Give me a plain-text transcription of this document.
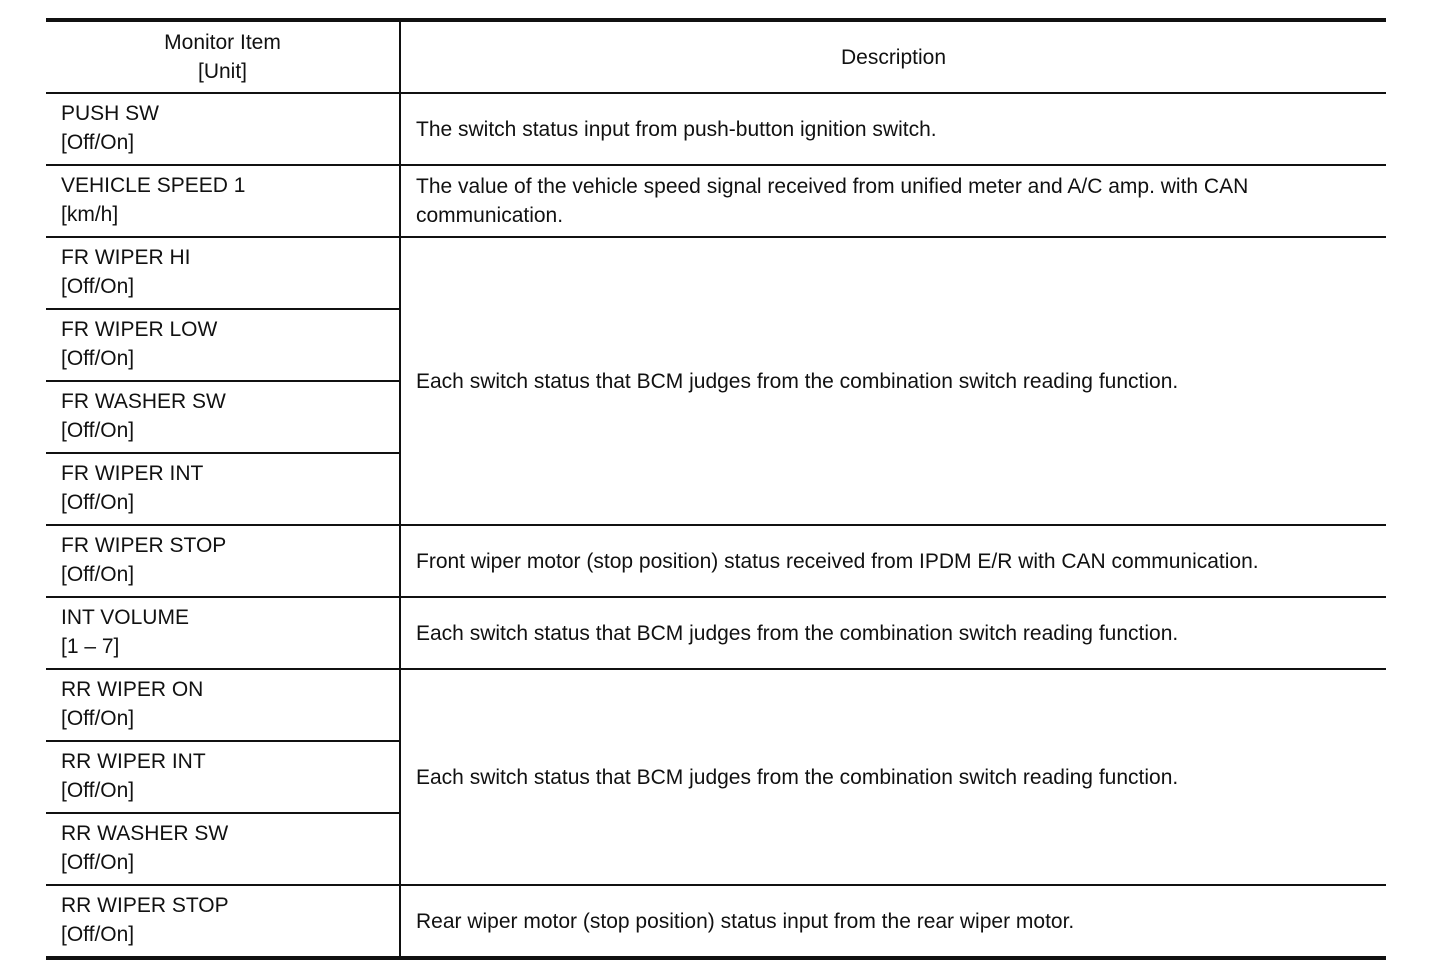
Monitor Item
[Unit]	Description

PUSH SW
[Off/On]	The switch status input from push-button ignition switch.

VEHICLE SPEED 1
[km/h]	The value of the vehicle speed signal received from unified meter and A/C amp. with CAN communication.

FR WIPER HI
[Off/On]	Each switch status that BCM judges from the combination switch reading function.

FR WIPER LOW
[Off/On]	

FR WASHER SW
[Off/On]	

FR WIPER INT
[Off/On]	

FR WIPER STOP
[Off/On]	Front wiper motor (stop position) status received from IPDM E/R with CAN communication.

INT VOLUME
[1 – 7]	Each switch status that BCM judges from the combination switch reading function.

RR WIPER ON
[Off/On]	Each switch status that BCM judges from the combination switch reading function.

RR WIPER INT
[Off/On]	

RR WASHER SW
[Off/On]	

RR WIPER STOP
[Off/On]	Rear wiper motor (stop position) status input from the rear wiper motor.
